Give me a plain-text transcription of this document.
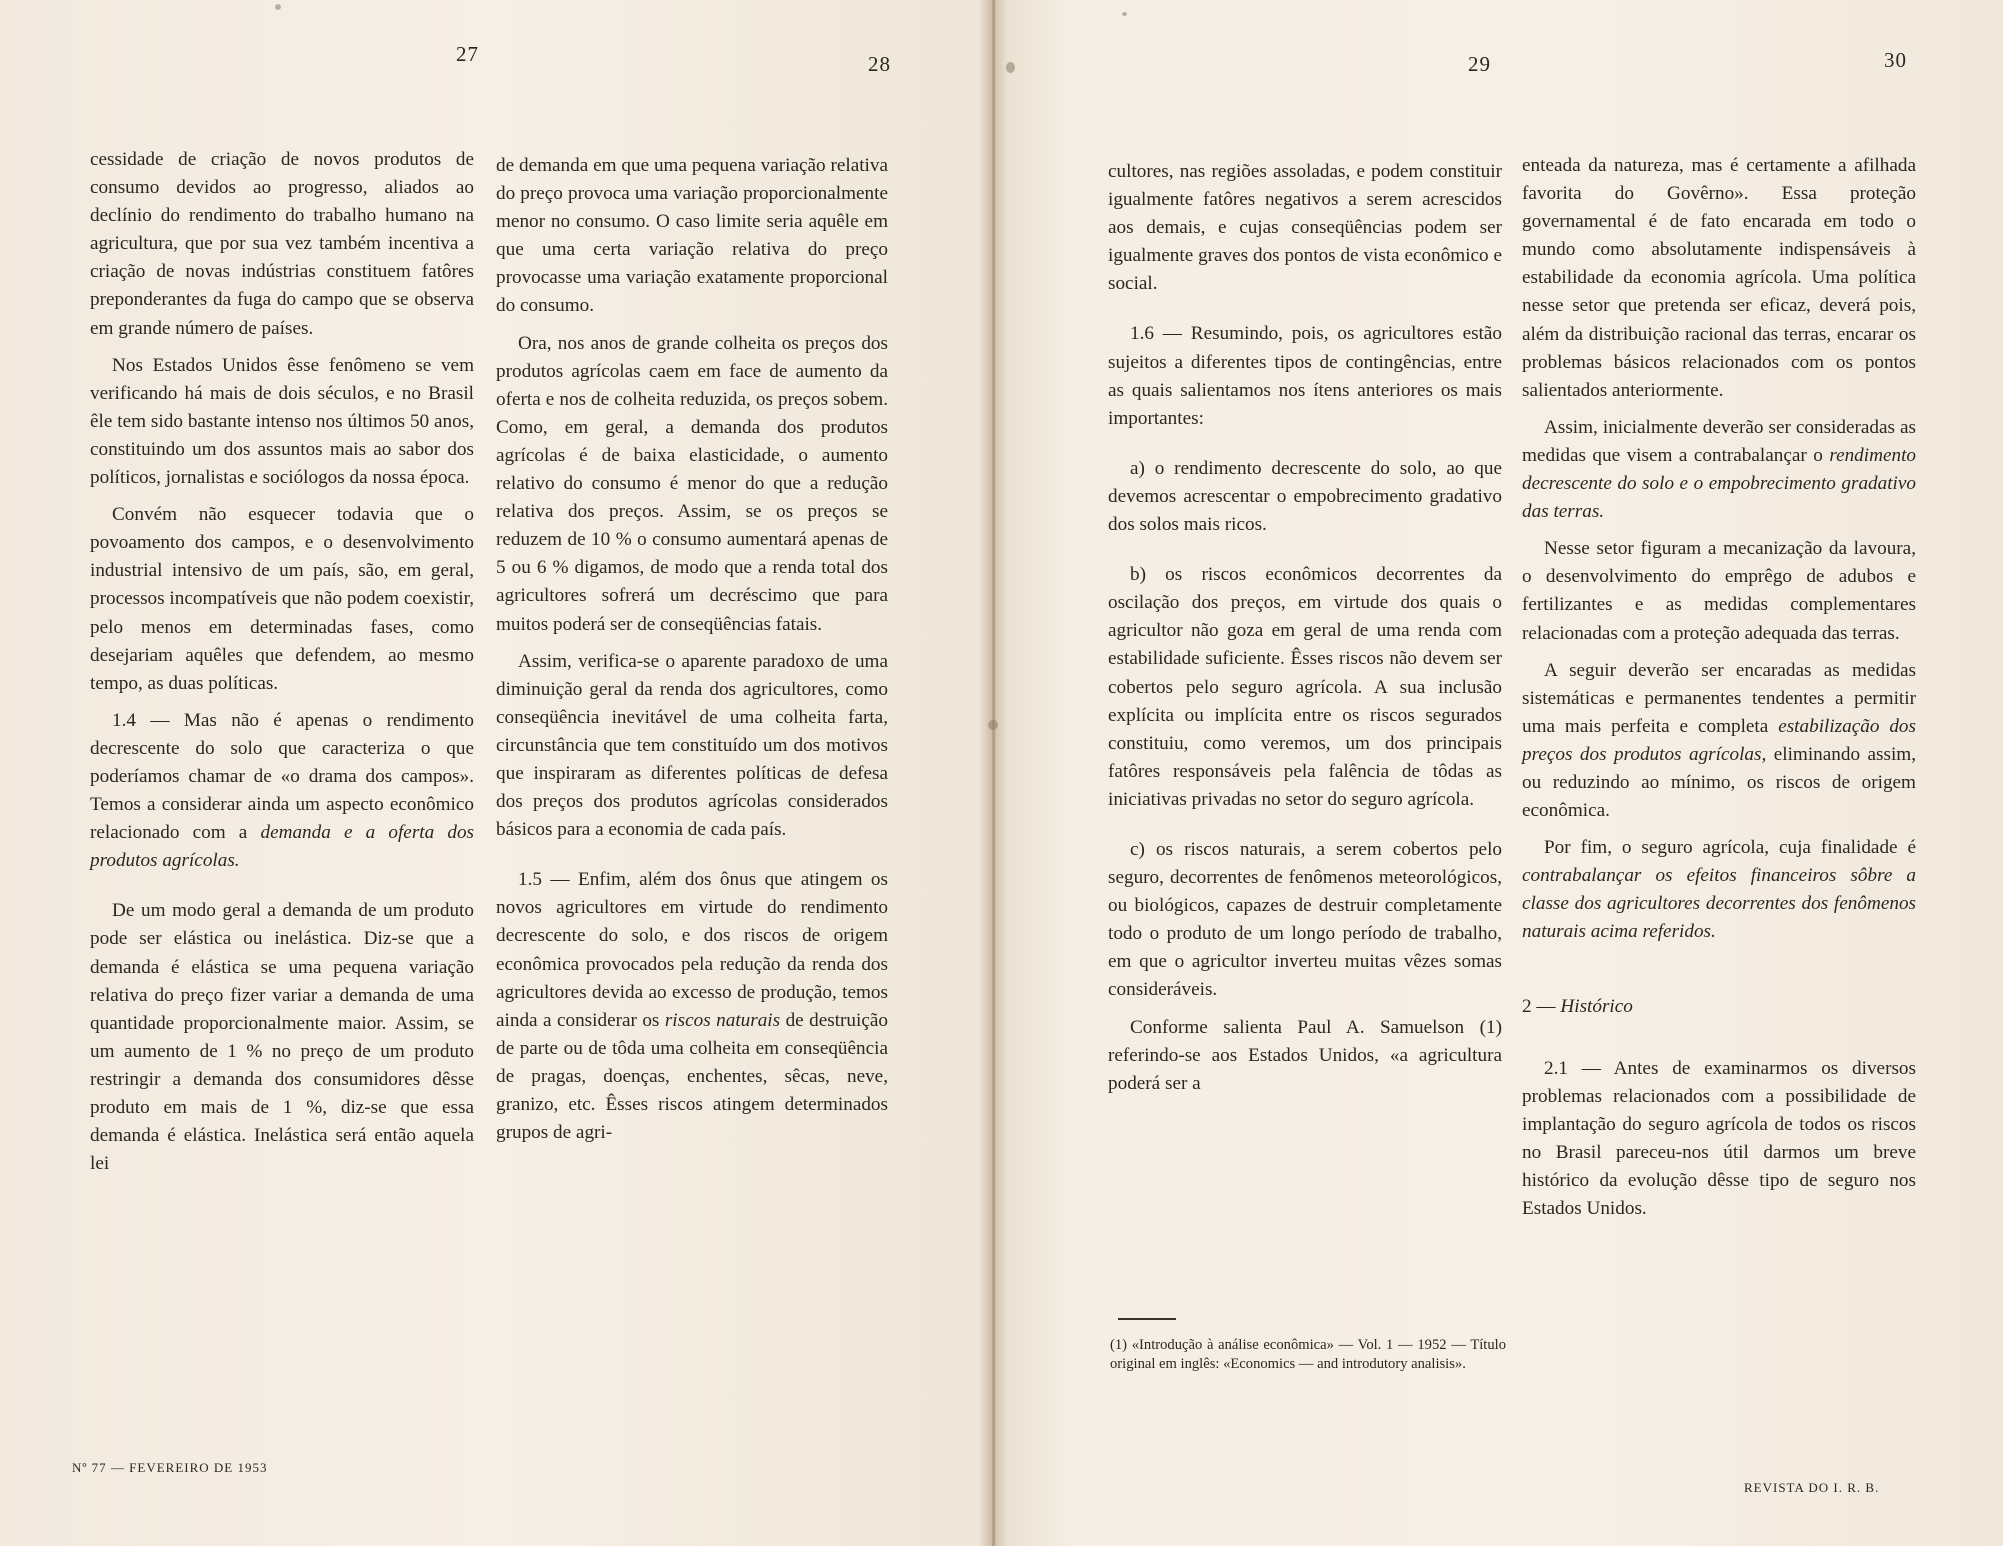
27	28	29	30

cessidade de criação de novos produtos de consumo devidos ao progresso, aliados ao declínio do rendimento do trabalho humano na agricultura, que por sua vez também incentiva a criação de novas indústrias constituem fatôres preponderantes da fuga do campo que se observa em grande número de países.

Nos Estados Unidos êsse fenômeno se vem verificando há mais de dois séculos, e no Brasil êle tem sido bastante intenso nos últimos 50 anos, constituindo um dos assuntos mais ao sabor dos políticos, jornalistas e sociólogos da nossa época.

Convém não esquecer todavia que o povoamento dos campos, e o desenvolvimento industrial intensivo de um país, são, em geral, processos incompatíveis que não podem coexistir, pelo menos em determinadas fases, como desejariam aquêles que defendem, ao mesmo tempo, as duas políticas.

1.4 — Mas não é apenas o rendimento decrescente do solo que caracteriza o que poderíamos chamar de «o drama dos campos». Temos a considerar ainda um aspecto econômico relacionado com a demanda e a oferta dos produtos agrícolas.

De um modo geral a demanda de um produto pode ser elástica ou inelástica. Diz-se que a demanda é elástica se uma pequena variação relativa do preço fizer variar a demanda de uma quantidade proporcionalmente maior. Assim, se um aumento de 1 % no preço de um produto restringir a demanda dos consumidores dêsse produto em mais de 1 %, diz-se que essa demanda é elástica. Inelástica será então aquela lei

Nº 77 — FEVEREIRO DE 1953

de demanda em que uma pequena variação relativa do preço provoca uma variação proporcionalmente menor no consumo. O caso limite seria aquêle em que uma certa variação relativa do preço provocasse uma variação exatamente proporcional do consumo.

Ora, nos anos de grande colheita os preços dos produtos agrícolas caem em face de aumento da oferta e nos de colheita reduzida, os preços sobem. Como, em geral, a demanda dos produtos agrícolas é de baixa elasticidade, o aumento relativo do consumo é menor do que a redução relativa dos preços. Assim, se os preços se reduzem de 10 % o consumo aumentará apenas de 5 ou 6 % digamos, de modo que a renda total dos agricultores sofrerá um decréscimo que para muitos poderá ser de conseqüências fatais.

Assim, verifica-se o aparente paradoxo de uma diminuição geral da renda dos agricultores, como conseqüência inevitável de uma colheita farta, circunstância que tem constituído um dos motivos que inspiraram as diferentes políticas de defesa dos preços dos produtos agrícolas considerados básicos para a economia de cada país.

1.5 — Enfim, além dos ônus que atingem os novos agricultores em virtude do rendimento decrescente do solo, e dos riscos de origem econômica provocados pela redução da renda dos agricultores devida ao excesso de produção, temos ainda a considerar os riscos naturais de destruição de parte ou de tôda uma colheita em conseqüência de pragas, doenças, enchentes, sêcas, neve, granizo, etc. Êsses riscos atingem determinados grupos de agri-

cultores, nas regiões assoladas, e podem constituir igualmente fatôres negativos a serem acrescidos aos demais, e cujas conseqüências podem ser igualmente graves dos pontos de vista econômico e social.

1.6 — Resumindo, pois, os agricultores estão sujeitos a diferentes tipos de contingências, entre as quais salientamos nos ítens anteriores os mais importantes:

a) o rendimento decrescente do solo, ao que devemos acrescentar o empobrecimento gradativo dos solos mais ricos.

b) os riscos econômicos decorrentes da oscilação dos preços, em virtude dos quais o agricultor não goza em geral de uma renda com estabilidade suficiente. Êsses riscos não devem ser cobertos pelo seguro agrícola. A sua inclusão explícita ou implícita entre os riscos segurados constituiu, como veremos, um dos principais fatôres responsáveis pela falência de tôdas as iniciativas privadas no setor do seguro agrícola.

c) os riscos naturais, a serem cobertos pelo seguro, decorrentes de fenômenos meteorológicos, ou biológicos, capazes de destruir completamente todo o produto de um longo período de trabalho, em que o agricultor inverteu muitas vêzes somas consideráveis.

Conforme salienta Paul A. Samuelson (1) referindo-se aos Estados Unidos, «a agricultura poderá ser a

(1) «Introdução à análise econômica» — Vol. 1 — 1952 — Título original em inglês: «Economics — and introdutory analisis».

enteada da natureza, mas é certamente a afilhada favorita do Govêrno». Essa proteção governamental é de fato encarada em todo o mundo como absolutamente indispensáveis à estabilidade da economia agrícola. Uma política nesse setor que pretenda ser eficaz, deverá pois, além da distribuição racional das terras, encarar os problemas básicos relacionados com os pontos salientados anteriormente.

Assim, inicialmente deverão ser consideradas as medidas que visem a contrabalançar o rendimento decrescente do solo e o empobrecimento gradativo das terras.

Nesse setor figuram a mecanização da lavoura, o desenvolvimento do emprêgo de adubos e fertilizantes e as medidas complementares relacionadas com a proteção adequada das terras.

A seguir deverão ser encaradas as medidas sistemáticas e permanentes tendentes a permitir uma mais perfeita e completa estabilização dos preços dos produtos agrícolas, eliminando assim, ou reduzindo ao mínimo, os riscos de origem econômica.

Por fim, o seguro agrícola, cuja finalidade é contrabalançar os efeitos financeiros sôbre a classe dos agricultores decorrentes dos fenômenos naturais acima referidos.

2 — Histórico

2.1 — Antes de examinarmos os diversos problemas relacionados com a possibilidade de implantação do seguro agrícola de todos os riscos no Brasil pareceu-nos útil darmos um breve histórico da evolução dêsse tipo de seguro nos Estados Unidos.

REVISTA DO I. R. B.
